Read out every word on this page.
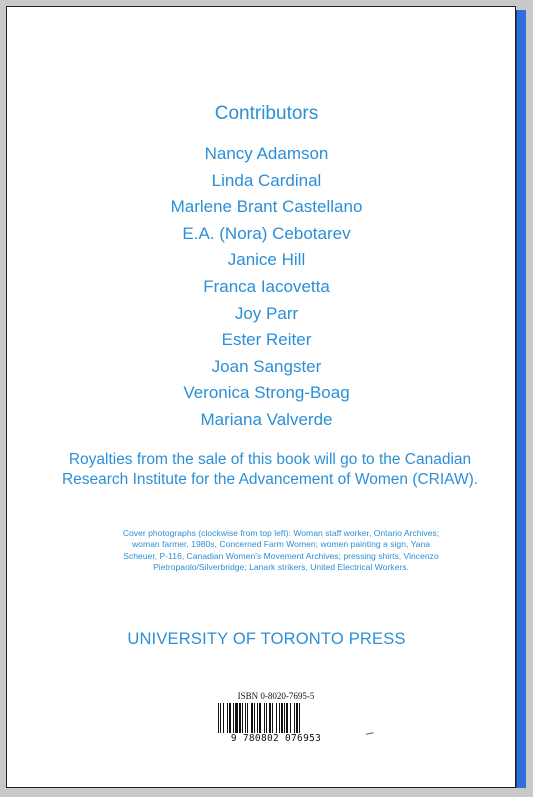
Contributors
Nancy Adamson
Linda Cardinal
Marlene Brant Castellano
E.A. (Nora) Cebotarev
Janice Hill
Franca Iacovetta
Joy Parr
Ester Reiter
Joan Sangster
Veronica Strong-Boag
Mariana Valverde
Royalties from the sale of this book will go to the Canadian Research Institute for the Advancement of Women (CRIAW).
Cover photographs (clockwise from top left): Woman staff worker, Ontario Archives; woman farmer, 1980s, Concerned Farm Women; women painting a sign, Yana Scheuer, P-116, Canadian Women's Movement Archives; pressing shirts, Vincenzo Pietropaolo/Silverbridge; Lanark strikers, United Electrical Workers.
UNIVERSITY OF TORONTO PRESS
ISBN 0-8020-7695-5
9 780802 076953
